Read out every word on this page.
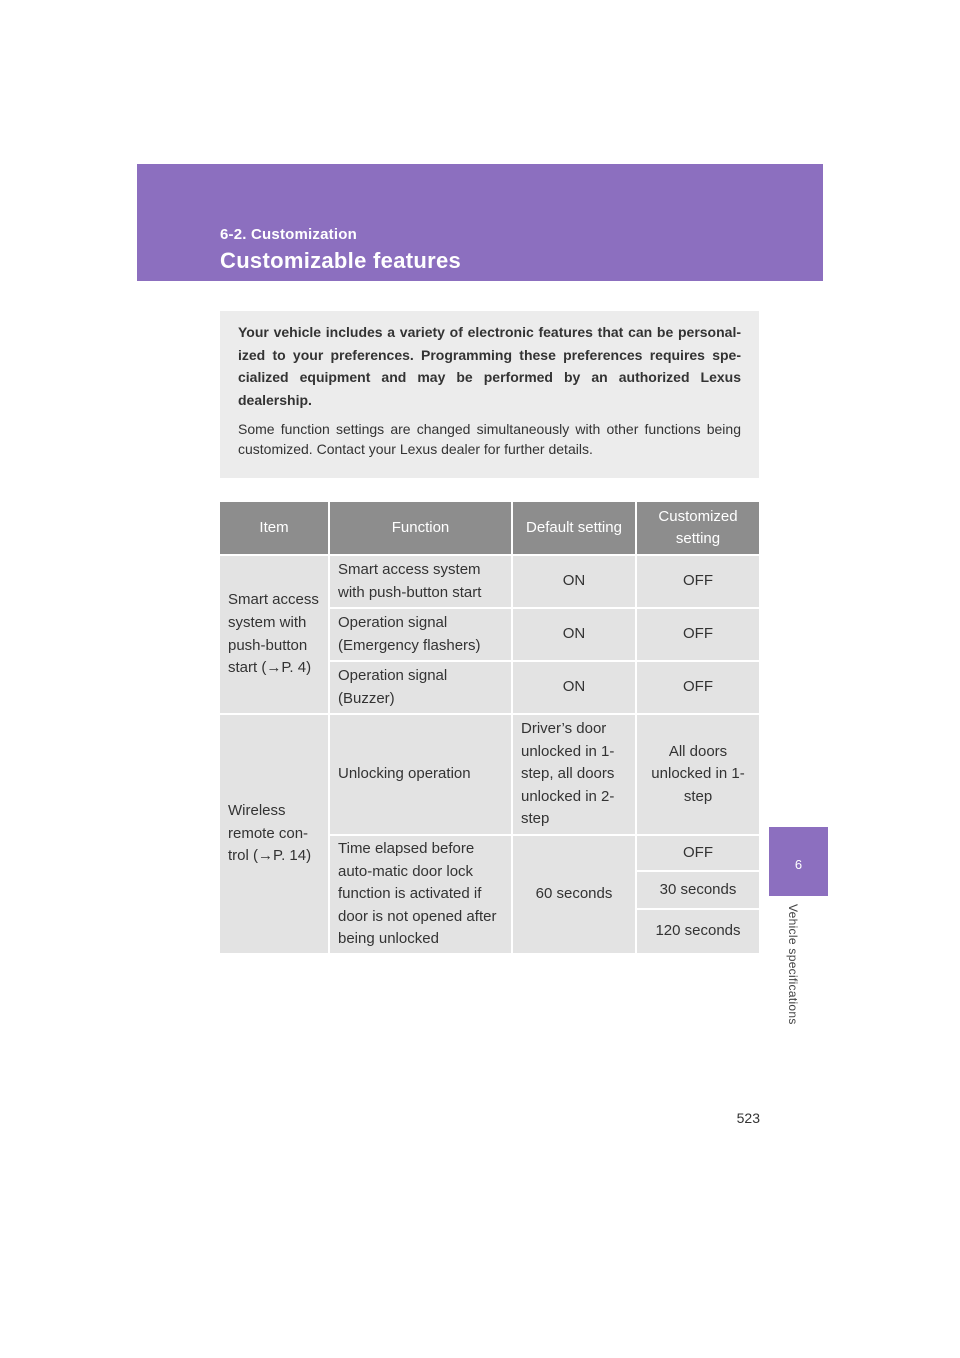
6-2. Customization
Customizable features
6
Vehicle specifications

Your vehicle includes a variety of electronic features that can be personal-ized to your preferences. Programming these preferences requires spe-cialized equipment and may be performed by an authorized Lexus dealership.

Some function settings are changed simultaneously with other functions being customized. Contact your Lexus dealer for further details.

Item	Function	Default setting	Customized setting
Smart access system with push-button start (→P. 4)	Smart access system with push-button start	ON	OFF
	Operation signal (Emergency flashers)	ON	OFF
	Operation signal (Buzzer)	ON	OFF
Wireless remote con-trol (→P. 14)	Unlocking operation	Driver’s door unlocked in 1-step, all doors unlocked in 2-step	All doors unlocked in 1-step
	Time elapsed before auto-matic door lock function is activated if door is not opened after being unlocked	60 seconds	OFF
			30 seconds
			120 seconds
523
